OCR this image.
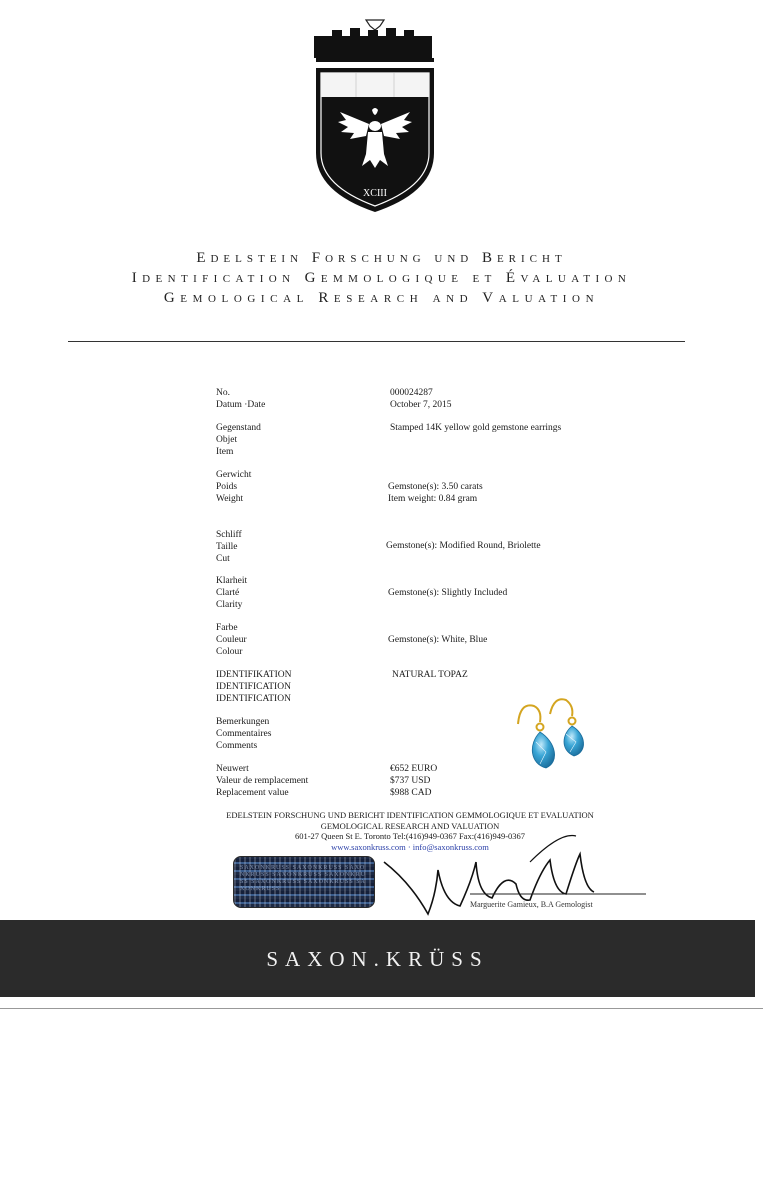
XCIII
Edelstein Forschung und Bericht
Identification Gemmologique et Évaluation
Gemological Research and Valuation
No.
Datum ·Date
000024287
October 7, 2015
Gegenstand
Objet
Item
Stamped 14K yellow gold gemstone earrings
Gerwicht
Poids
Weight
Gemstone(s): 3.50 carats
Item weight: 0.84 gram
Schliff
Taille
Cut
Gemstone(s): Modified Round, Briolette
Klarheit
Clarté
Clarity
Gemstone(s): Slightly Included
Farbe
Couleur
Colour
Gemstone(s): White, Blue
IDENTIFIKATION
IDENTIFICATION
IDENTIFICATION
NATURAL TOPAZ
Bemerkungen
Commentaires
Comments
Neuwert
Valeur de remplacement
Replacement value
€652 EURO
$737 USD
$988 CAD
EDELSTEIN FORSCHUNG UND BERICHT IDENTIFICATION GEMMOLOGIQUE ET EVALUATION
GEMOLOGICAL RESEARCH AND VALUATION
601-27 Queen St E. Toronto Tel:(416)949-0367 Fax:(416)949-0367
www.saxonkruss.com · info@saxonkruss.com
SAXONKRUSS SAXONKRUSS SAXONKRUSS SAXONKRUSS SAXONKRUSS SAXONKRUSS SAXONKRUSS SAXONKRUSS
Marguerite Gamieux, B.A Gemologist
SAXON.KRÜSS
